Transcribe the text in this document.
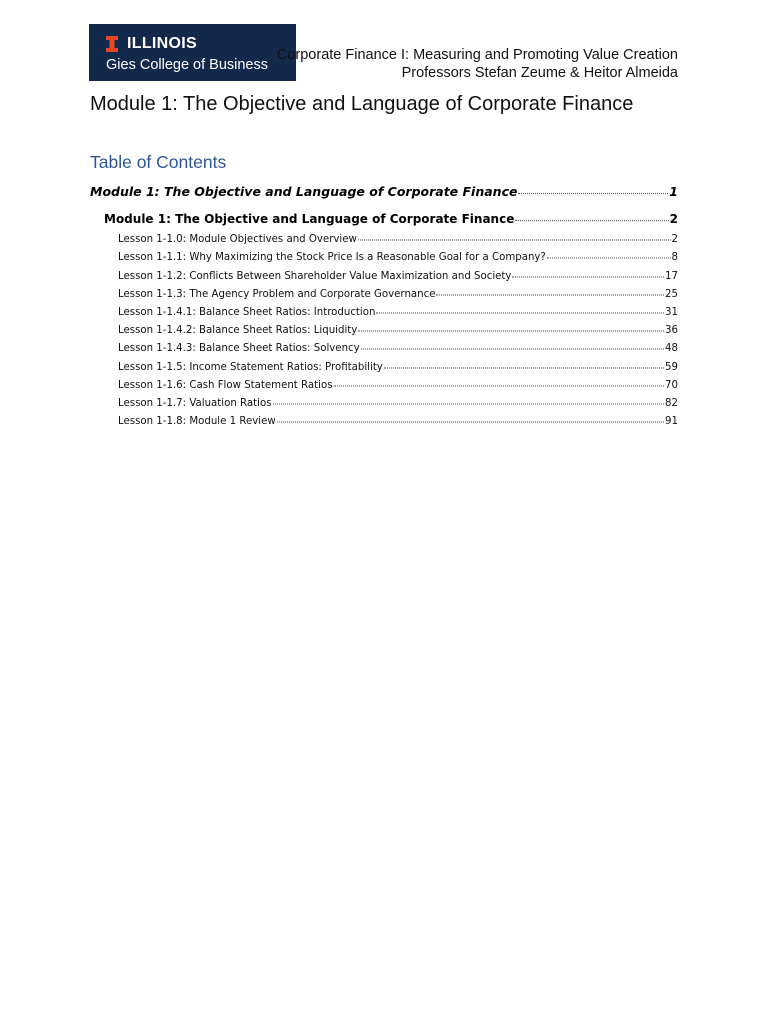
ILLINOIS
Gies College of Business
Corporate Finance I: Measuring and Promoting Value Creation
Professors Stefan Zeume & Heitor Almeida
Module 1: The Objective and Language of Corporate Finance
Table of Contents
Module 1: The Objective and Language of Corporate Finance	1
Module 1: The Objective and Language of Corporate Finance	2
Lesson 1-1.0: Module Objectives and Overview	2
Lesson 1-1.1: Why Maximizing the Stock Price Is a Reasonable Goal for a Company?	8
Lesson 1-1.2: Conflicts Between Shareholder Value Maximization and Society	17
Lesson 1-1.3: The Agency Problem and Corporate Governance	25
Lesson 1-1.4.1: Balance Sheet Ratios: Introduction	31
Lesson 1-1.4.2: Balance Sheet Ratios: Liquidity	36
Lesson 1-1.4.3: Balance Sheet Ratios: Solvency	48
Lesson 1-1.5: Income Statement Ratios: Profitability	59
Lesson 1-1.6: Cash Flow Statement Ratios	70
Lesson 1-1.7: Valuation Ratios	82
Lesson 1-1.8: Module 1 Review	91
